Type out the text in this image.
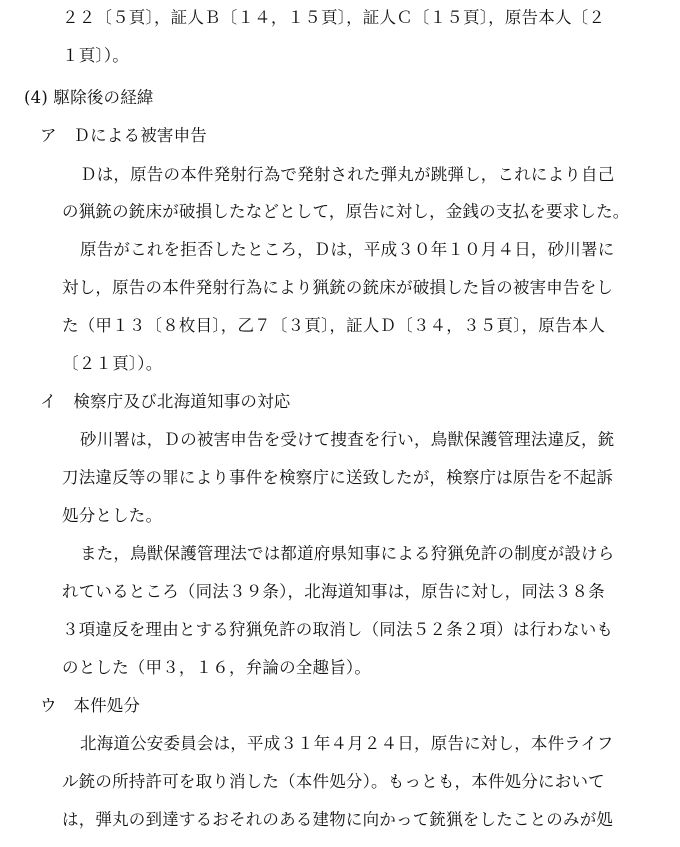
２２〔５頁〕，証人Ｂ〔１４，１５頁〕，証人Ｃ〔１５頁〕，原告本人〔２
１頁〕）。
(4) 駆除後の経緯
ア　Ｄによる被害申告
Ｄは，原告の本件発射行為で発射された弾丸が跳弾し，これにより自己
の猟銃の銃床が破損したなどとして，原告に対し，金銭の支払を要求した。
原告がこれを拒否したところ，Ｄは，平成３０年１０月４日，砂川署に
対し，原告の本件発射行為により猟銃の銃床が破損した旨の被害申告をし
た（甲１３〔８枚目〕，乙７〔３頁〕，証人Ｄ〔３４，３５頁〕，原告本人
〔２１頁〕）。
イ　検察庁及び北海道知事の対応
砂川署は，Ｄの被害申告を受けて捜査を行い，鳥獣保護管理法違反，銃
刀法違反等の罪により事件を検察庁に送致したが，検察庁は原告を不起訴
処分とした。
また，鳥獣保護管理法では都道府県知事による狩猟免許の制度が設けら
れているところ（同法３９条），北海道知事は，原告に対し，同法３８条
３項違反を理由とする狩猟免許の取消し（同法５２条２項）は行わないも
のとした（甲３，１６，弁論の全趣旨）。
ウ　本件処分
北海道公安委員会は，平成３１年４月２４日，原告に対し，本件ライフ
ル銃の所持許可を取り消した（本件処分）。もっとも，本件処分において
は，弾丸の到達するおそれのある建物に向かって銃猟をしたことのみが処
